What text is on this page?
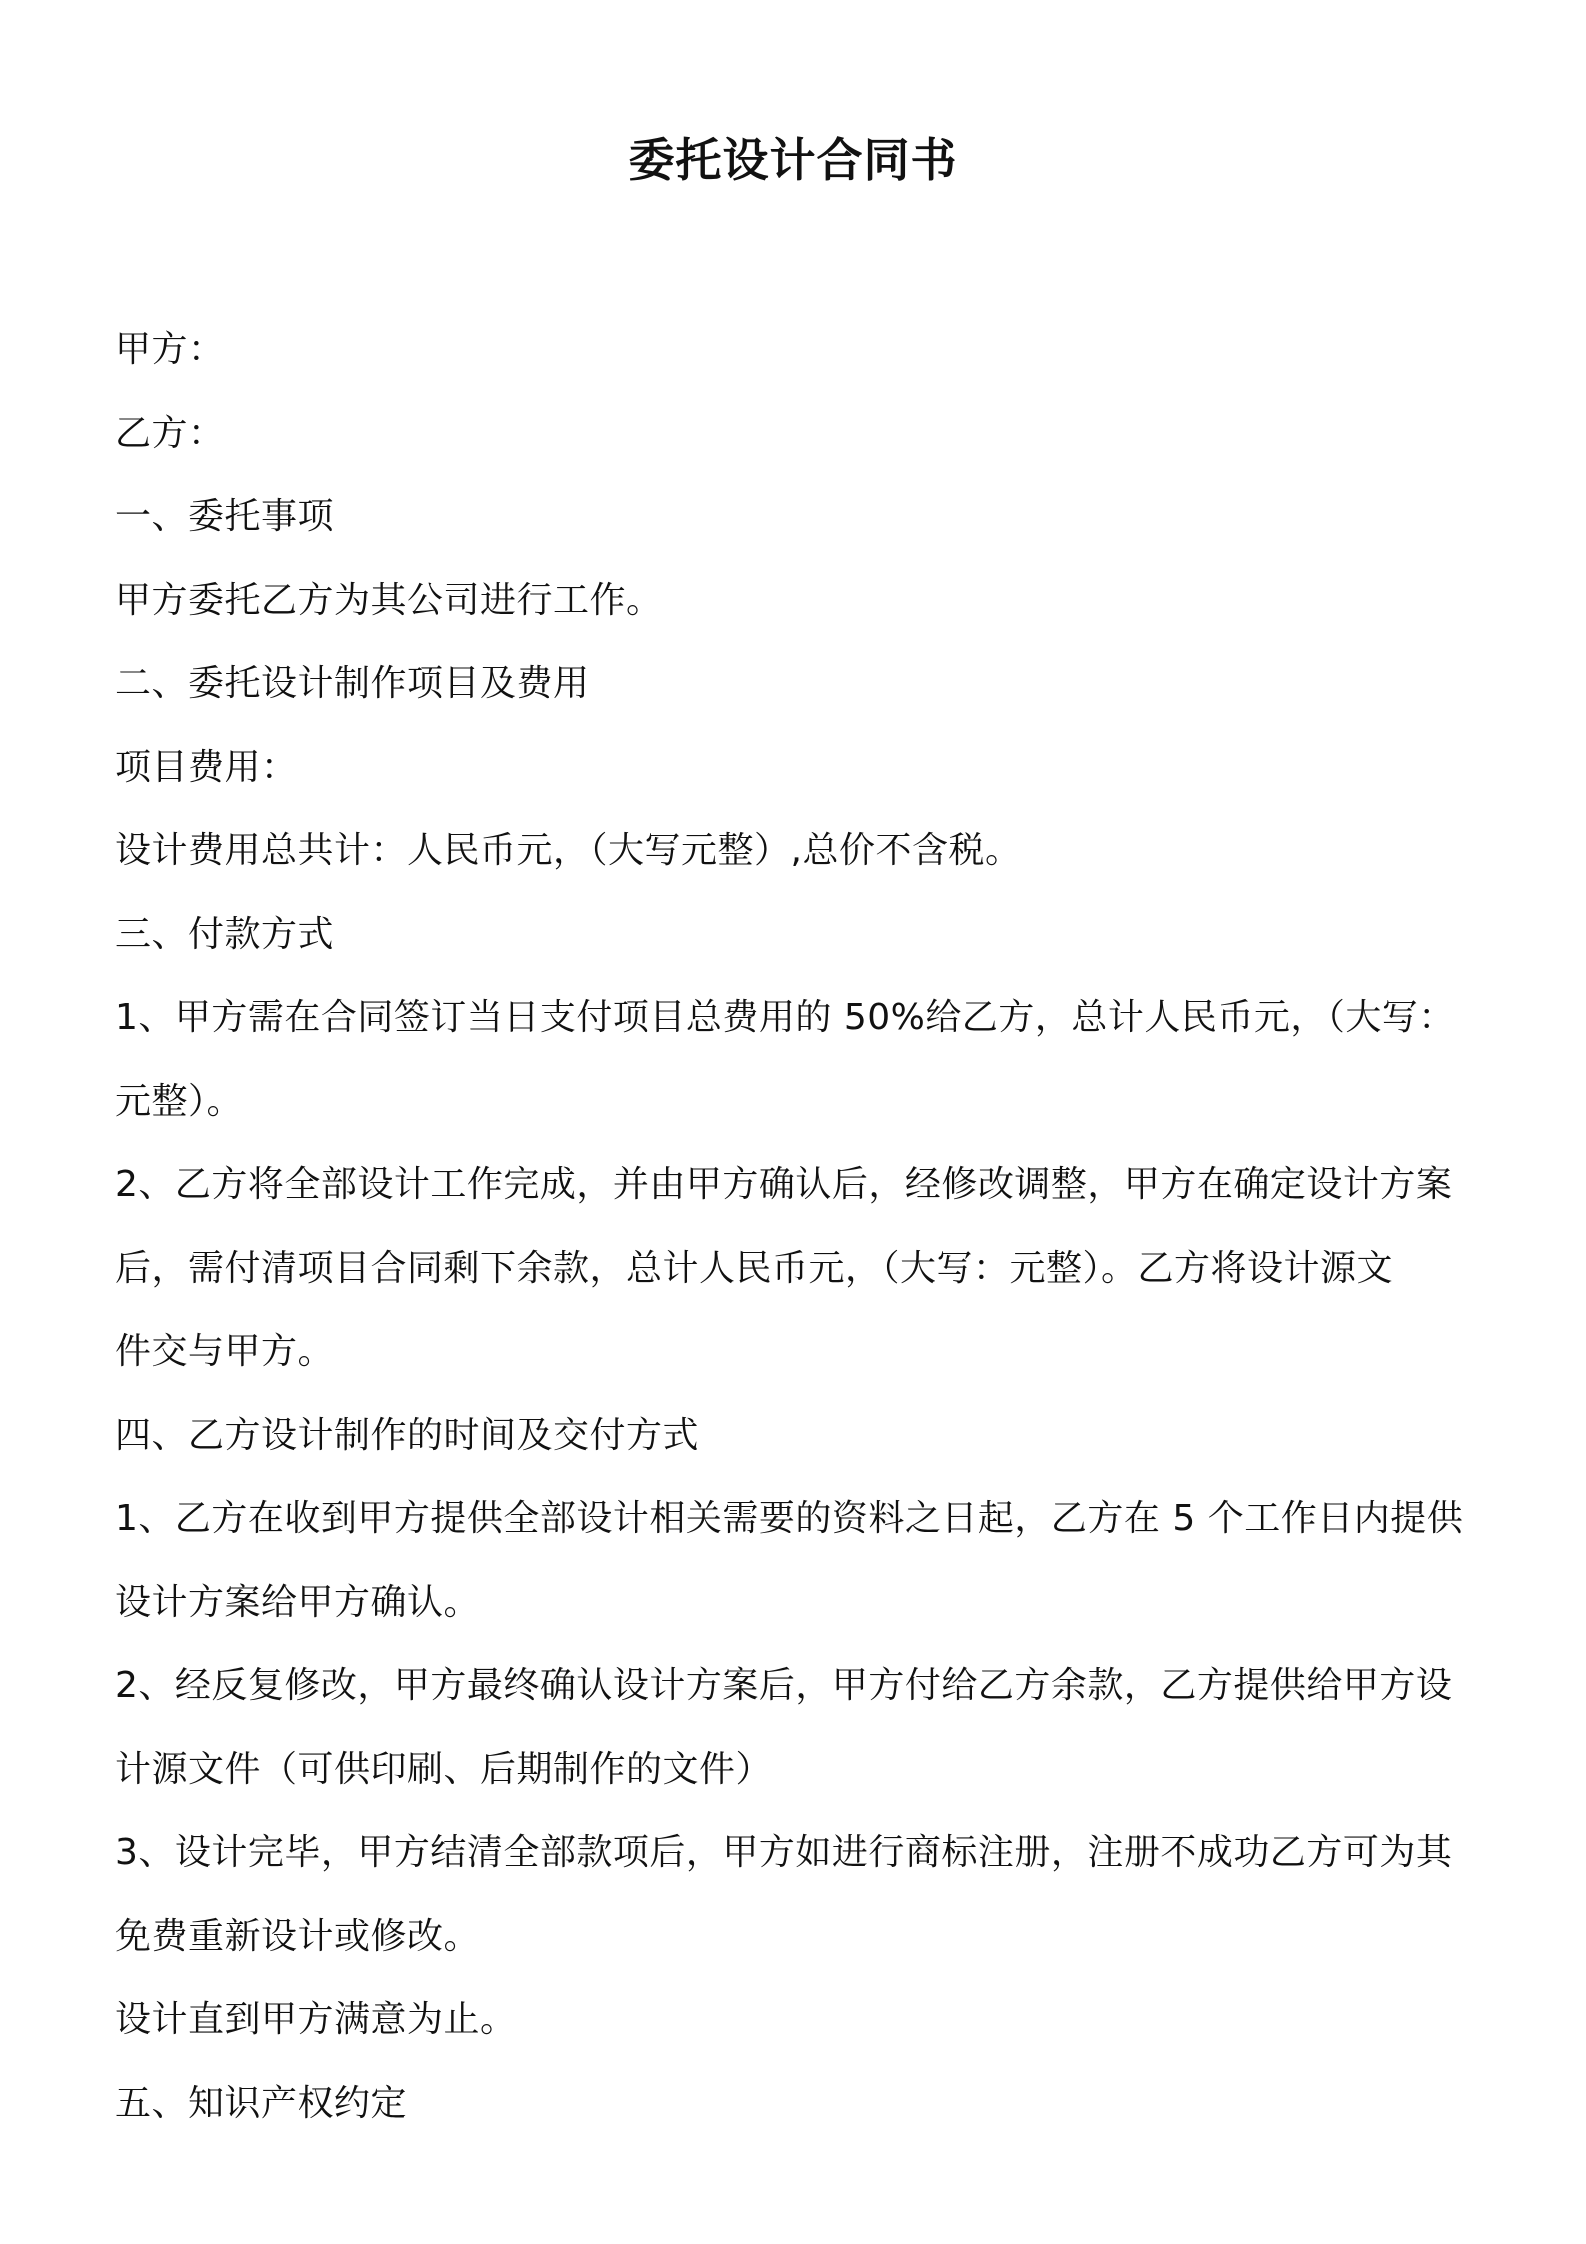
委托设计合同书
甲方：
乙方：
一、委托事项
甲方委托乙方为其公司进行工作。
二、委托设计制作项目及费用
项目费用：
设计费用总共计：人民币元，（大写元整）,总价不含税。
三、付款方式
1、甲方需在合同签订当日支付项目总费用的 50%给乙方，总计人民币元，（大写：
元整）。
2、乙方将全部设计工作完成，并由甲方确认后，经修改调整，甲方在确定设计方案
后，需付清项目合同剩下余款，总计人民币元，（大写：元整）。乙方将设计源文
件交与甲方。
四、乙方设计制作的时间及交付方式
1、乙方在收到甲方提供全部设计相关需要的资料之日起，乙方在 5 个工作日内提供
设计方案给甲方确认。
2、经反复修改，甲方最终确认设计方案后，甲方付给乙方余款，乙方提供给甲方设
计源文件（可供印刷、后期制作的文件）
3、设计完毕，甲方结清全部款项后，甲方如进行商标注册，注册不成功乙方可为其
免费重新设计或修改。
设计直到甲方满意为止。
五、知识产权约定
